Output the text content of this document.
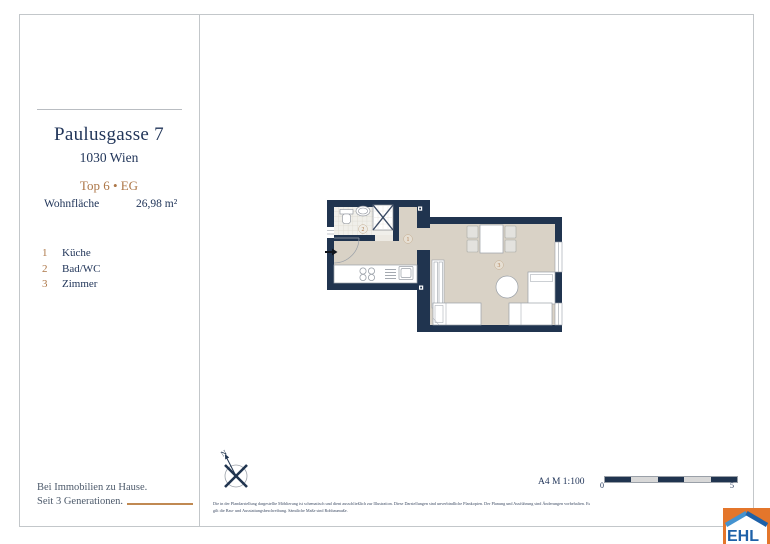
Paulusgasse 7
1030 Wien
Top 6 • EG
Wohnfläche	26,98 m²
1	Küche
2	Bad/WC
3	Zimmer
Bei Immobilien zu Hause.
Seit 3 Generationen.
1
2
3
N
Die in der Plandarstellung dargestellte Möblierung ist schematisch und dient ausschließlich zur Illustration. Diese Darstellungen sind unverbindliche Plankopien. Der Planung und Ausführung sind Änderungen vorbehalten. Es
gilt die Bau- und Ausstattungsbeschreibung. Sämtliche Maße sind Rohbaumaße.
A4 M 1:100 0	5
EHL
